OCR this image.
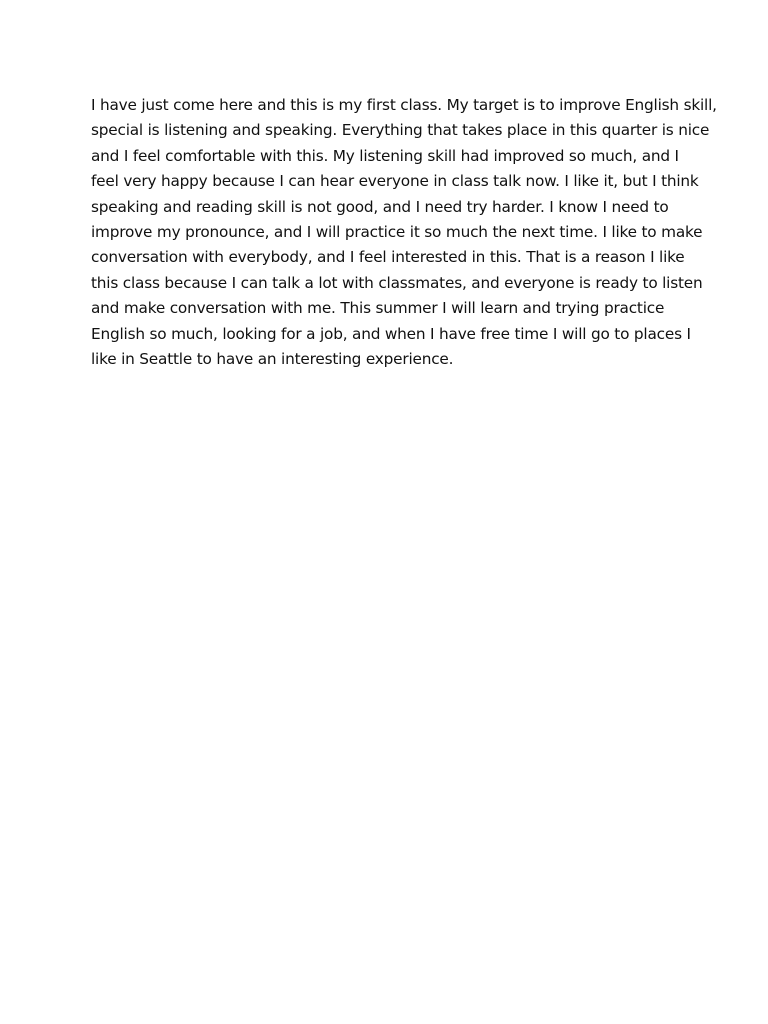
I have just come here and this is my first class. My target is to improve English skill,
special is listening and speaking. Everything that takes place in this quarter is nice
and I feel comfortable with this. My listening skill had improved so much, and I
feel very happy because I can hear everyone in class talk now. I like it, but I think
speaking and reading skill is not good, and I need try harder. I know I need to
improve my pronounce, and I will practice it so much the next time. I like to make
conversation with everybody, and I feel interested in this. That is a reason I like
this class because I can talk a lot with classmates, and everyone is ready to listen
and make conversation with me. This summer I will learn and trying practice
English so much, looking for a job, and when I have free time I will go to places I
like in Seattle to have an interesting experience.
